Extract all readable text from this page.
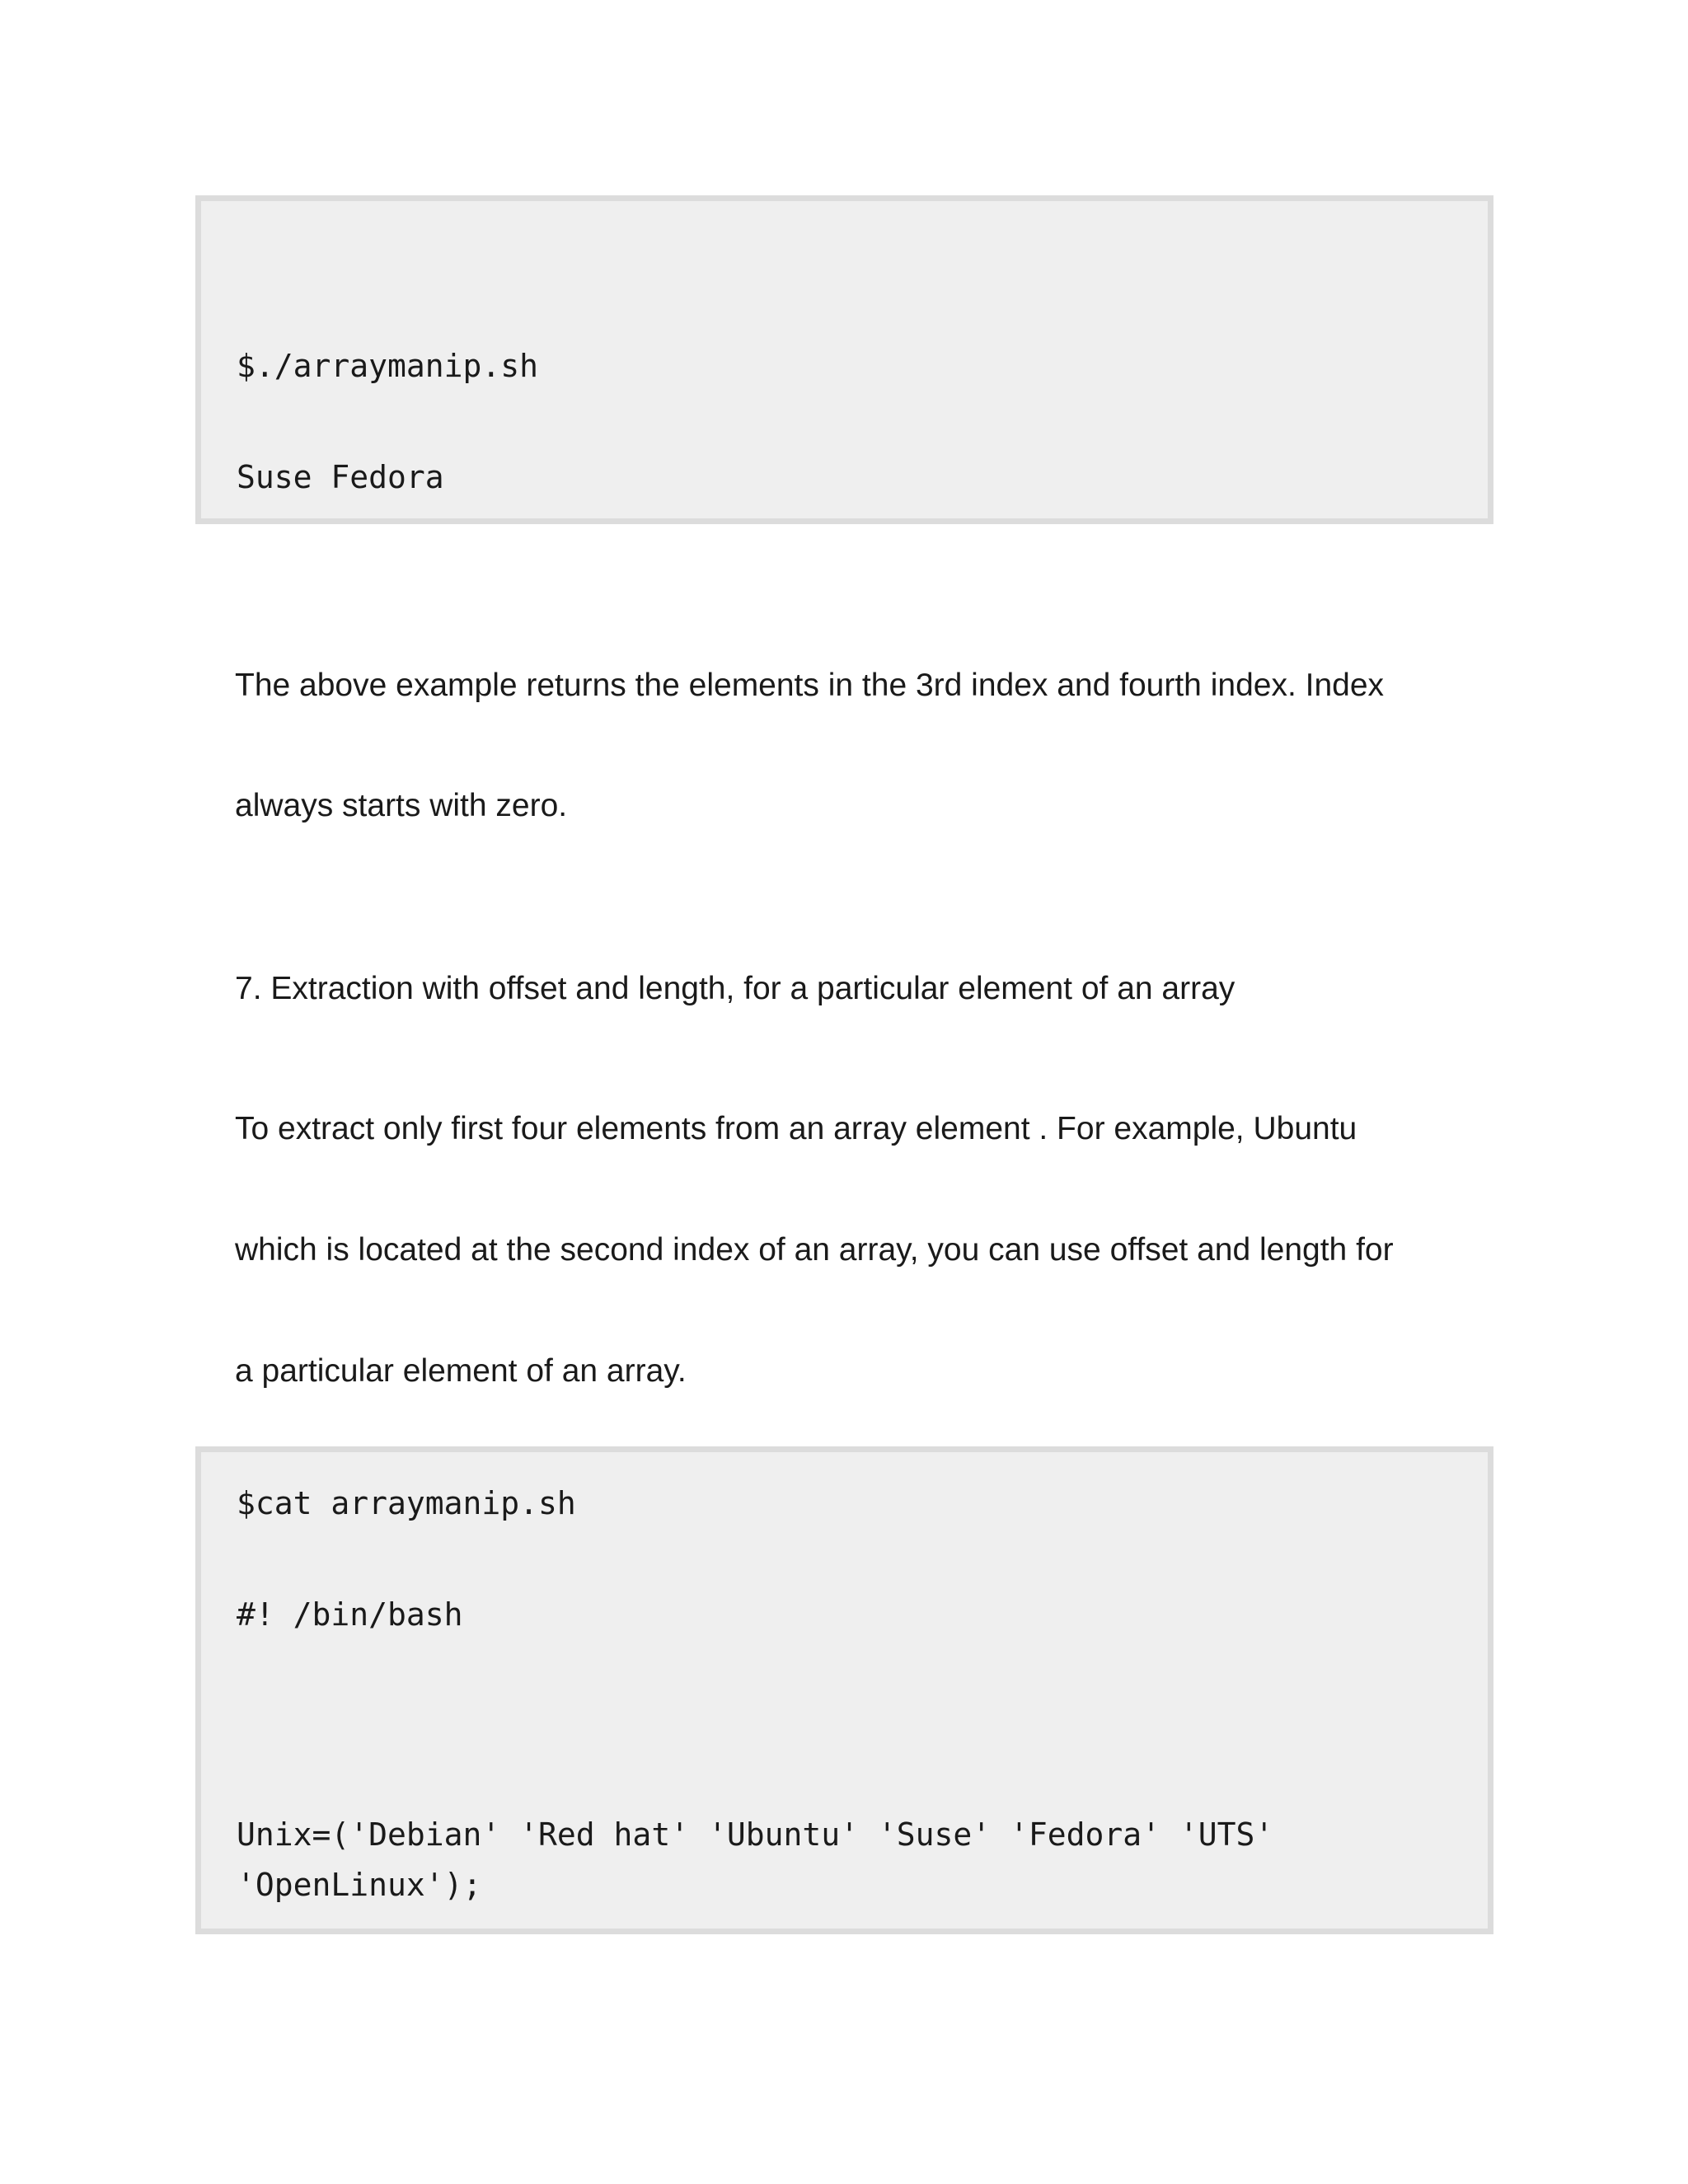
$./arraymanip.sh
Suse Fedora

The above example returns the elements in the 3rd index and fourth index. Index

always starts with zero.

7. Extraction with offset and length, for a particular element of an array

To extract only first four elements from an array element . For example, Ubuntu

which is located at the second index of an array, you can use offset and length for

a particular element of an array.

$cat arraymanip.sh
#! /bin/bash
Unix=('Debian' 'Red hat' 'Ubuntu' 'Suse' 'Fedora' 'UTS'
'OpenLinux');
